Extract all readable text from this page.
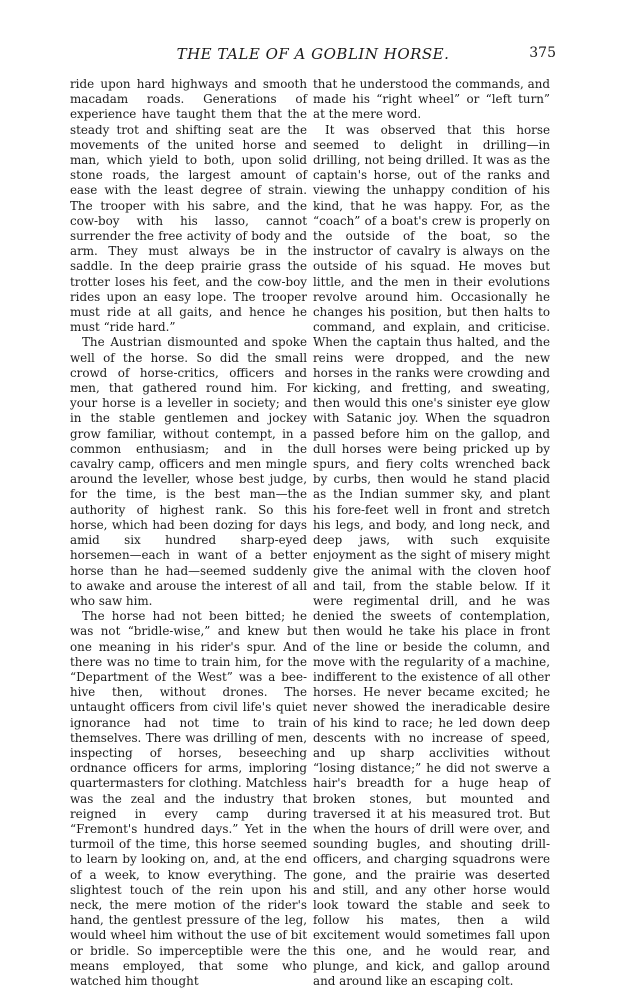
THE TALE OF A GOBLIN HORSE.	375

ride upon hard highways and smooth macadam roads. Generations of experience have taught them that the steady trot and shifting seat are the movements of the united horse and man, which yield to both, upon solid stone roads, the largest amount of ease with the least degree of strain. The trooper with his sabre, and the cow-boy with his lasso, cannot surrender the free activity of body and arm. They must always be in the saddle. In the deep prairie grass the trotter loses his feet, and the cow-boy rides upon an easy lope. The trooper must ride at all gaits, and hence he must “ride hard.”

The Austrian dismounted and spoke well of the horse. So did the small crowd of horse-critics, officers and men, that gathered round him. For your horse is a leveller in society; and in the stable gentlemen and jockey grow familiar, without contempt, in a common enthusiasm; and in the cavalry camp, officers and men mingle around the leveller, whose best judge, for the time, is the best man—the authority of highest rank. So this horse, which had been dozing for days amid six hundred sharp-eyed horsemen—each in want of a better horse than he had—seemed suddenly to awake and arouse the interest of all who saw him.

The horse had not been bitted; he was not “bridle-wise,” and knew but one meaning in his rider's spur. And there was no time to train him, for the “Department of the West” was a bee-hive then, without drones. The untaught officers from civil life's quiet ignorance had not time to train themselves. There was drilling of men, inspecting of horses, beseeching ordnance officers for arms, imploring quartermasters for clothing. Matchless was the zeal and the industry that reigned in every camp during “Fremont's hundred days.” Yet in the turmoil of the time, this horse seemed to learn by looking on, and, at the end of a week, to know everything. The slightest touch of the rein upon his neck, the mere motion of the rider's hand, the gentlest pressure of the leg, would wheel him without the use of bit or bridle. So imperceptible were the means employed, that some who watched him thought

that he understood the commands, and made his “right wheel” or “left turn” at the mere word.

It was observed that this horse seemed to delight in drilling—in drilling, not being drilled. It was as the captain's horse, out of the ranks and viewing the unhappy condition of his kind, that he was happy. For, as the “coach” of a boat's crew is properly on the outside of the boat, so the instructor of cavalry is always on the outside of his squad. He moves but little, and the men in their evolutions revolve around him. Occasionally he changes his position, but then halts to command, and explain, and criticise. When the captain thus halted, and the reins were dropped, and the new horses in the ranks were crowding and kicking, and fretting, and sweating, then would this one's sinister eye glow with Satanic joy. When the squadron passed before him on the gallop, and dull horses were being pricked up by spurs, and fiery colts wrenched back by curbs, then would he stand placid as the Indian summer sky, and plant his fore-feet well in front and stretch his legs, and body, and long neck, and deep jaws, with such exquisite enjoyment as the sight of misery might give the animal with the cloven hoof and tail, from the stable below. If it were regimental drill, and he was denied the sweets of contemplation, then would he take his place in front of the line or beside the column, and move with the regularity of a machine, indifferent to the existence of all other horses. He never became excited; he never showed the ineradicable desire of his kind to race; he led down deep descents with no increase of speed, and up sharp acclivities without “losing distance;” he did not swerve a hair's breadth for a huge heap of broken stones, but mounted and traversed it at his measured trot. But when the hours of drill were over, and sounding bugles, and shouting drill-officers, and charging squadrons were gone, and the prairie was deserted and still, and any other horse would look toward the stable and seek to follow his mates, then a wild excitement would sometimes fall upon this one, and he would rear, and plunge, and kick, and gallop around and around like an escaping colt.
